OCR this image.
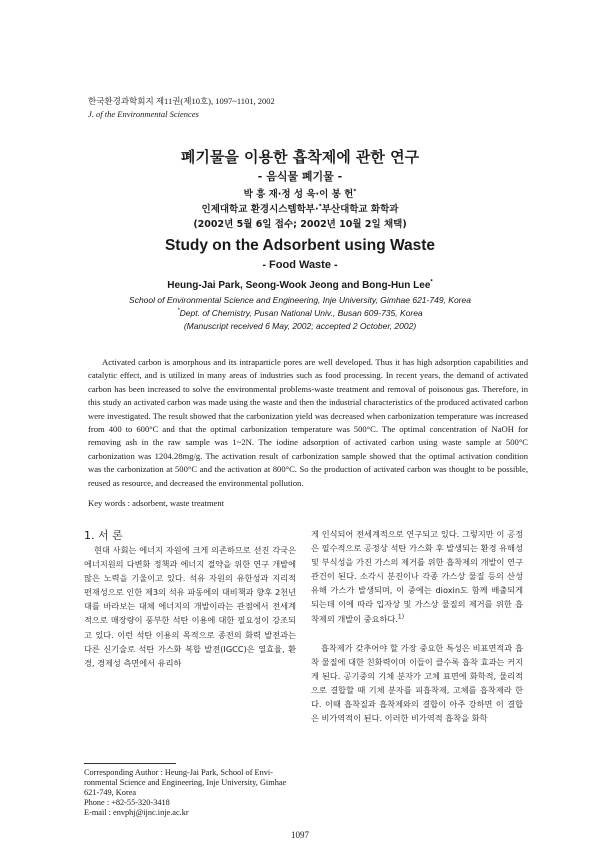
한국환경과학회지 제11권(제10호), 1097~1101, 2002
J. of the Environmental Sciences
폐기물을 이용한 흡착제에 관한 연구
- 음식물 폐기물 -
박 흥 재·정 성 욱·이 봉 헌*
인제대학교 환경시스템학부·*부산대학교 화학과
(2002년 5월 6일 접수; 2002년 10월 2일 채택)
Study on the Adsorbent using Waste
- Food Waste -
Heung-Jai Park, Seong-Wook Jeong and Bong-Hun Lee*
School of Environmental Science and Engineering, Inje University, Gimhae 621-749, Korea
*Dept. of Chemistry, Pusan National Univ., Busan 609-735, Korea
(Manuscript received 6 May, 2002; accepted 2 October, 2002)

Activated carbon is amorphous and its intraparticle pores are well developed. Thus it has high adsorption capabilities and catalytic effect, and is utilized in many areas of industries such as food processing. In recent years, the demand of activated carbon has been increased to solve the environmental problems-waste treatment and removal of poisonous gas. Therefore, in this study an activated carbon was made using the waste and then the industrial characteristics of the produced activated carbon were investigated. The result showed that the carbonization yield was decreased when carbonization temperature was increased from 400 to 600°C and that the optimal carbonization temperature was 500°C. The optimal concentration of NaOH for removing ash in the raw sample was 1~2N. The iodine adsorption of activated carbon using waste sample at 500°C carbonization was 1204.28mg/g. The activation result of carbonization sample showed that the optimal activation condition was the carbonization at 500°C and the activation at 800°C. So the production of activated carbon was thought to be possible, reused as resource, and decreased the environmental pollution.

Key words : adsorbent, waste treatment
1. 서 론

현대 사회는 에너지 자원에 크게 의존하므로 선진 각국은 에너지원의 다변화 정책과 에너지 절약을 위한 연구 개발에 많은 노력을 기울이고 있다. 석유 자원의 유한성과 지리적 편재성으로 인한 제3의 석유 파동에의 대비책과 향후 2천년대를 바라보는 대체 에너지의 개발이라는 관점에서 전세계적으로 매장량이 풍부한 석탄 이용에 대한 필요성이 강조되고 있다. 이런 석탄 이용의 목적으로 종전의 화력 발전과는 다른 신기술로 석탄 가스화 복합 발전(IGCC)은 열효율, 환경, 경제성 측면에서 유리하

게 인식되어 전세계적으로 연구되고 있다. 그렇지만 이 공정은 필수적으로 공정상 석탄 가스화 후 발생되는 환경 유해성 및 부식성을 가진 가스의 제거를 위한 흡착제의 개발이 연구 관건이 된다. 소각시 분진이나 각종 가스상 물질 등의 산성 유해 가스가 발생되며, 이 중에는 dioxin도 함께 배출되게 되는데 이에 따라 입자상 및 가스상 물질의 제거를 위한 흡착제의 개발이 중요하다.$^{1)}$

흡착제가 갖추어야 할 가장 중요한 특성은 비표면적과 흡착 물질에 대한 친화력이며 이들이 클수록 흡착 효과는 커지게 된다. 공기중의 기체 분자가 고체 표면에 화학적, 물리적으로 결합할 때 기체 분자를 피흡착제, 고체를 흡착제라 한다. 이때 흡착질과 흡착제와의 결합이 아주 강하면 이 결합은 비가역적이 된다. 이러한 비가역적 흡착을 화학

Corresponding Author : Heung-Jai Park, School of Envi-
ronmental Science and Engineering, Inje University, Gimhae
621-749, Korea
Phone : +82-55-320-3418
E-mail : envphj@ijnc.inje.ac.kr
1097
